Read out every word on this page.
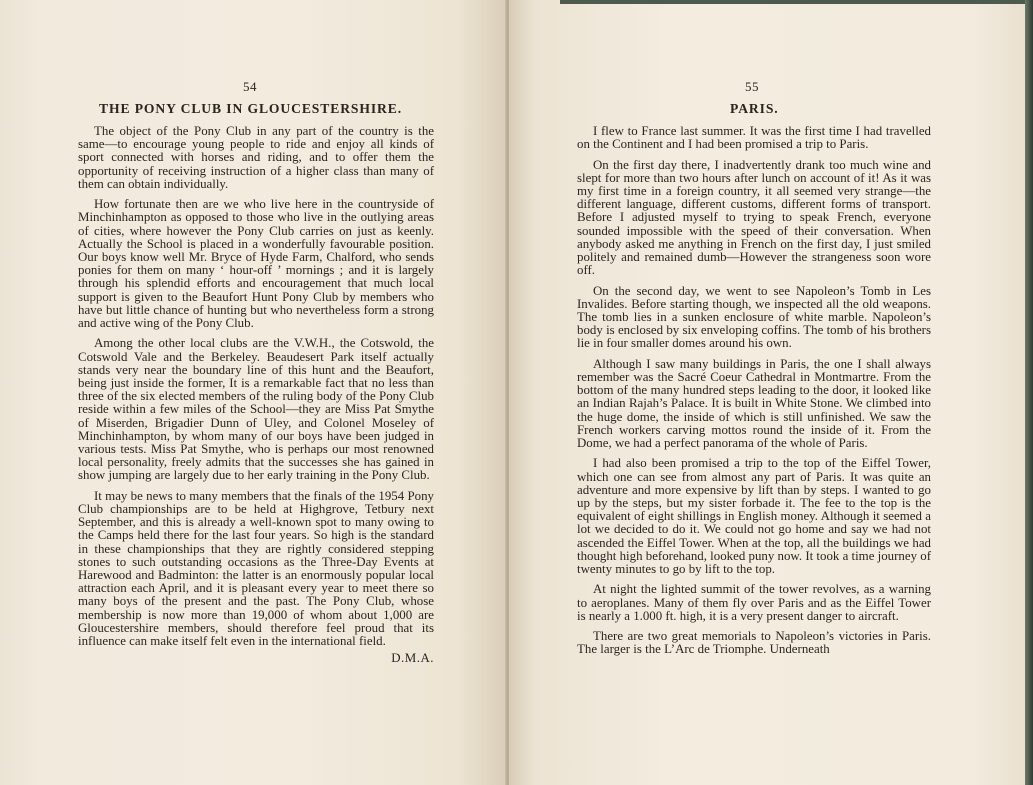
54
THE PONY CLUB IN GLOUCESTERSHIRE.

The object of the Pony Club in any part of the country is the same—to encourage young people to ride and enjoy all kinds of sport connected with horses and riding, and to offer them the opportunity of receiving instruction of a higher class than many of them can obtain individually.

How fortunate then are we who live here in the countryside of Minchinhampton as opposed to those who live in the outlying areas of cities, where however the Pony Club carries on just as keenly. Actually the School is placed in a wonderfully favourable position. Our boys know well Mr. Bryce of Hyde Farm, Chalford, who sends ponies for them on many ‘ hour-off ’ mornings ; and it is largely through his splendid efforts and encouragement that much local support is given to the Beaufort Hunt Pony Club by members who have but little chance of hunting but who nevertheless form a strong and active wing of the Pony Club.

Among the other local clubs are the V.W.H., the Cotswold, the Cotswold Vale and the Berkeley. Beaudesert Park itself actually stands very near the boundary line of this hunt and the Beaufort, being just inside the former, It is a remarkable fact that no less than three of the six elected members of the ruling body of the Pony Club reside within a few miles of the School—they are Miss Pat Smythe of Miserden, Brigadier Dunn of Uley, and Colonel Moseley of Minchinhampton, by whom many of our boys have been judged in various tests. Miss Pat Smythe, who is perhaps our most renowned local personality, freely admits that the successes she has gained in show jumping are largely due to her early training in the Pony Club.

It may be news to many members that the finals of the 1954 Pony Club championships are to be held at Highgrove, Tetbury next September, and this is already a well-known spot to many owing to the Camps held there for the last four years. So high is the standard in these championships that they are rightly considered stepping stones to such outstanding occasions as the Three-Day Events at Harewood and Badminton: the latter is an enormously popular local attraction each April, and it is pleasant every year to meet there so many boys of the present and the past. The Pony Club, whose membership is now more than 19,000 of whom about 1,000 are Gloucestershire members, should therefore feel proud that its influence can make itself felt even in the international field.

D.M.A.
55
PARIS.

I flew to France last summer. It was the first time I had travelled on the Continent and I had been promised a trip to Paris.

On the first day there, I inadvertently drank too much wine and slept for more than two hours after lunch on account of it! As it was my first time in a foreign country, it all seemed very strange—the different language, different customs, different forms of transport. Before I adjusted myself to trying to speak French, everyone sounded impossible with the speed of their conversation. When anybody asked me anything in French on the first day, I just smiled politely and remained dumb—However the strangeness soon wore off.

On the second day, we went to see Napoleon’s Tomb in Les Invalides. Before starting though, we inspected all the old weapons. The tomb lies in a sunken enclosure of white marble. Napoleon’s body is enclosed by six enveloping coffins. The tomb of his brothers lie in four smaller domes around his own.

Although I saw many buildings in Paris, the one I shall always remember was the Sacré Coeur Cathedral in Montmartre. From the bottom of the many hundred steps leading to the door, it looked like an Indian Rajah’s Palace. It is built in White Stone. We climbed into the huge dome, the inside of which is still unfinished. We saw the French workers carving mottos round the inside of it. From the Dome, we had a perfect panorama of the whole of Paris.

I had also been promised a trip to the top of the Eiffel Tower, which one can see from almost any part of Paris. It was quite an adventure and more expensive by lift than by steps. I wanted to go up by the steps, but my sister forbade it. The fee to the top is the equivalent of eight shillings in English money. Although it seemed a lot we decided to do it. We could not go home and say we had not ascended the Eiffel Tower. When at the top, all the buildings we had thought high beforehand, looked puny now. It took a time journey of twenty minutes to go by lift to the top.

At night the lighted summit of the tower revolves, as a warning to aeroplanes. Many of them fly over Paris and as the Eiffel Tower is nearly a 1.000 ft. high, it is a very present danger to aircraft.

There are two great memorials to Napoleon’s victories in Paris. The larger is the L’Arc de Triomphe. Underneath
